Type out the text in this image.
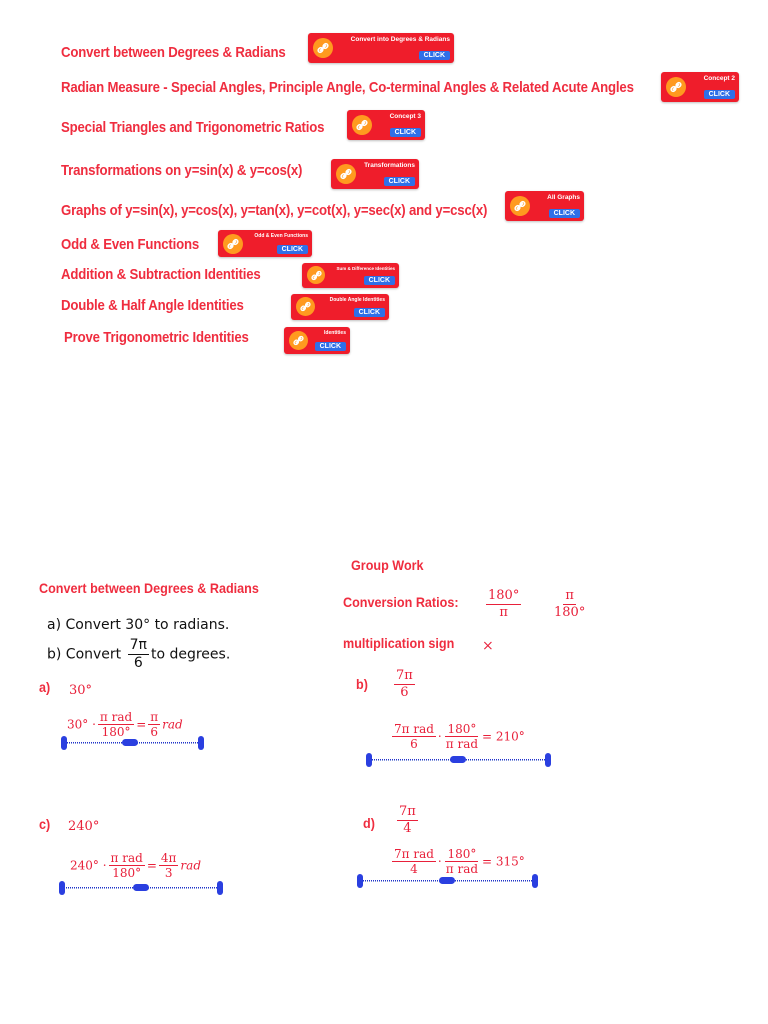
Convert between Degrees & Radians
Convert into Degrees & Radians
CLICK
Radian Measure - Special Angles, Principle Angle, Co-terminal Angles & Related Acute Angles
Concept 2
CLICK
Special Triangles and Trigonometric Ratios
Concept 3
CLICK
Transformations on y=sin(x) & y=cos(x)	Transformations
CLICK
Graphs of y=sin(x), y=cos(x), y=tan(x), y=cot(x), y=sec(x) and y=csc(x)
All Graphs
CLICK
Odd & Even Functions	Odd & Even Functions
CLICK
Addition & Subtraction Identities	Sum & Difference Identities
CLICK
Double & Half Angle Identities	Double Angle Identities
CLICK
Prove Trigonometric Identities	Identities
CLICK
Convert between Degrees & Radians
a) Convert 30° to radians.
b) Convert $\frac{7\pi}{6}$ to degrees.
Group Work
Conversion Ratios: $\frac{180^\circ}{\pi} \frac{\pi}{180^\circ}$
multiplication sign ×
a) 30°
$30^\circ \cdot \frac{\text{π rad}}{180^\circ} = \frac{\pi}{6}$ rad
$b) \frac{7\pi}{6}$
$\frac{\text{7π rad}}{6} \cdot \frac{180^\circ}{\text{π rad}} = 210^\circ$
c) 240°
$240^\circ \cdot \frac{\text{π rad}}{180^\circ} = \frac{4\pi}{3}$ rad
$d) \frac{7\pi}{4}$
$\frac{\text{7π rad}}{4} \cdot \frac{180^\circ}{\text{π rad}} = 315^\circ$
